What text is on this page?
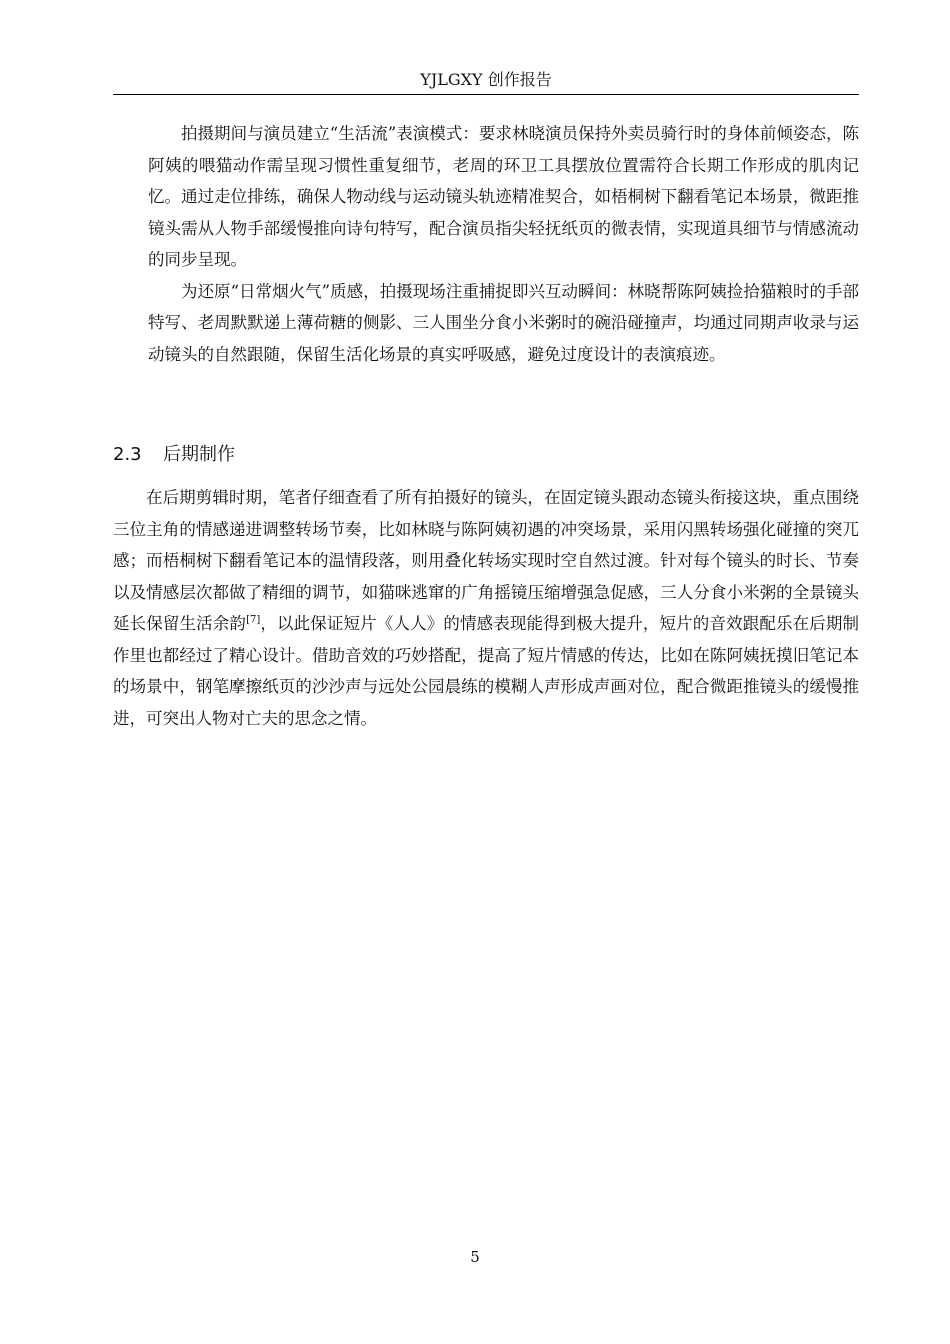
YJLGXY 创作报告

拍摄期间与演员建立“生活流”表演模式：要求林晓演员保持外卖员骑行时的身体前倾姿态，陈阿姨的喂猫动作需呈现习惯性重复细节，老周的环卫工具摆放位置需符合长期工作形成的肌肉记忆。通过走位排练，确保人物动线与运动镜头轨迹精准契合，如梧桐树下翻看笔记本场景，微距推镜头需从人物手部缓慢推向诗句特写，配合演员指尖轻抚纸页的微表情，实现道具细节与情感流动的同步呈现。

为还原“日常烟火气”质感，拍摄现场注重捕捉即兴互动瞬间：林晓帮陈阿姨捡拾猫粮时的手部特写、老周默默递上薄荷糖的侧影、三人围坐分食小米粥时的碗沿碰撞声，均通过同期声收录与运动镜头的自然跟随，保留生活化场景的真实呼吸感，避免过度设计的表演痕迹。

2.3 后期制作

在后期剪辑时期，笔者仔细查看了所有拍摄好的镜头，在固定镜头跟动态镜头衔接这块，重点围绕三位主角的情感递进调整转场节奏，比如林晓与陈阿姨初遇的冲突场景，采用闪黑转场强化碰撞的突兀感；而梧桐树下翻看笔记本的温情段落，则用叠化转场实现时空自然过渡。针对每个镜头的时长、节奏以及情感层次都做了精细的调节，如猫咪逃窜的广角摇镜压缩增强急促感，三人分食小米粥的全景镜头延长保留生活余韵[7]，以此保证短片《人人》的情感表现能得到极大提升，短片的音效跟配乐在后期制作里也都经过了精心设计。借助音效的巧妙搭配，提高了短片情感的传达，比如在陈阿姨抚摸旧笔记本的场景中，钢笔摩擦纸页的沙沙声与远处公园晨练的模糊人声形成声画对位，配合微距推镜头的缓慢推进，可突出人物对亡夫的思念之情。

5
